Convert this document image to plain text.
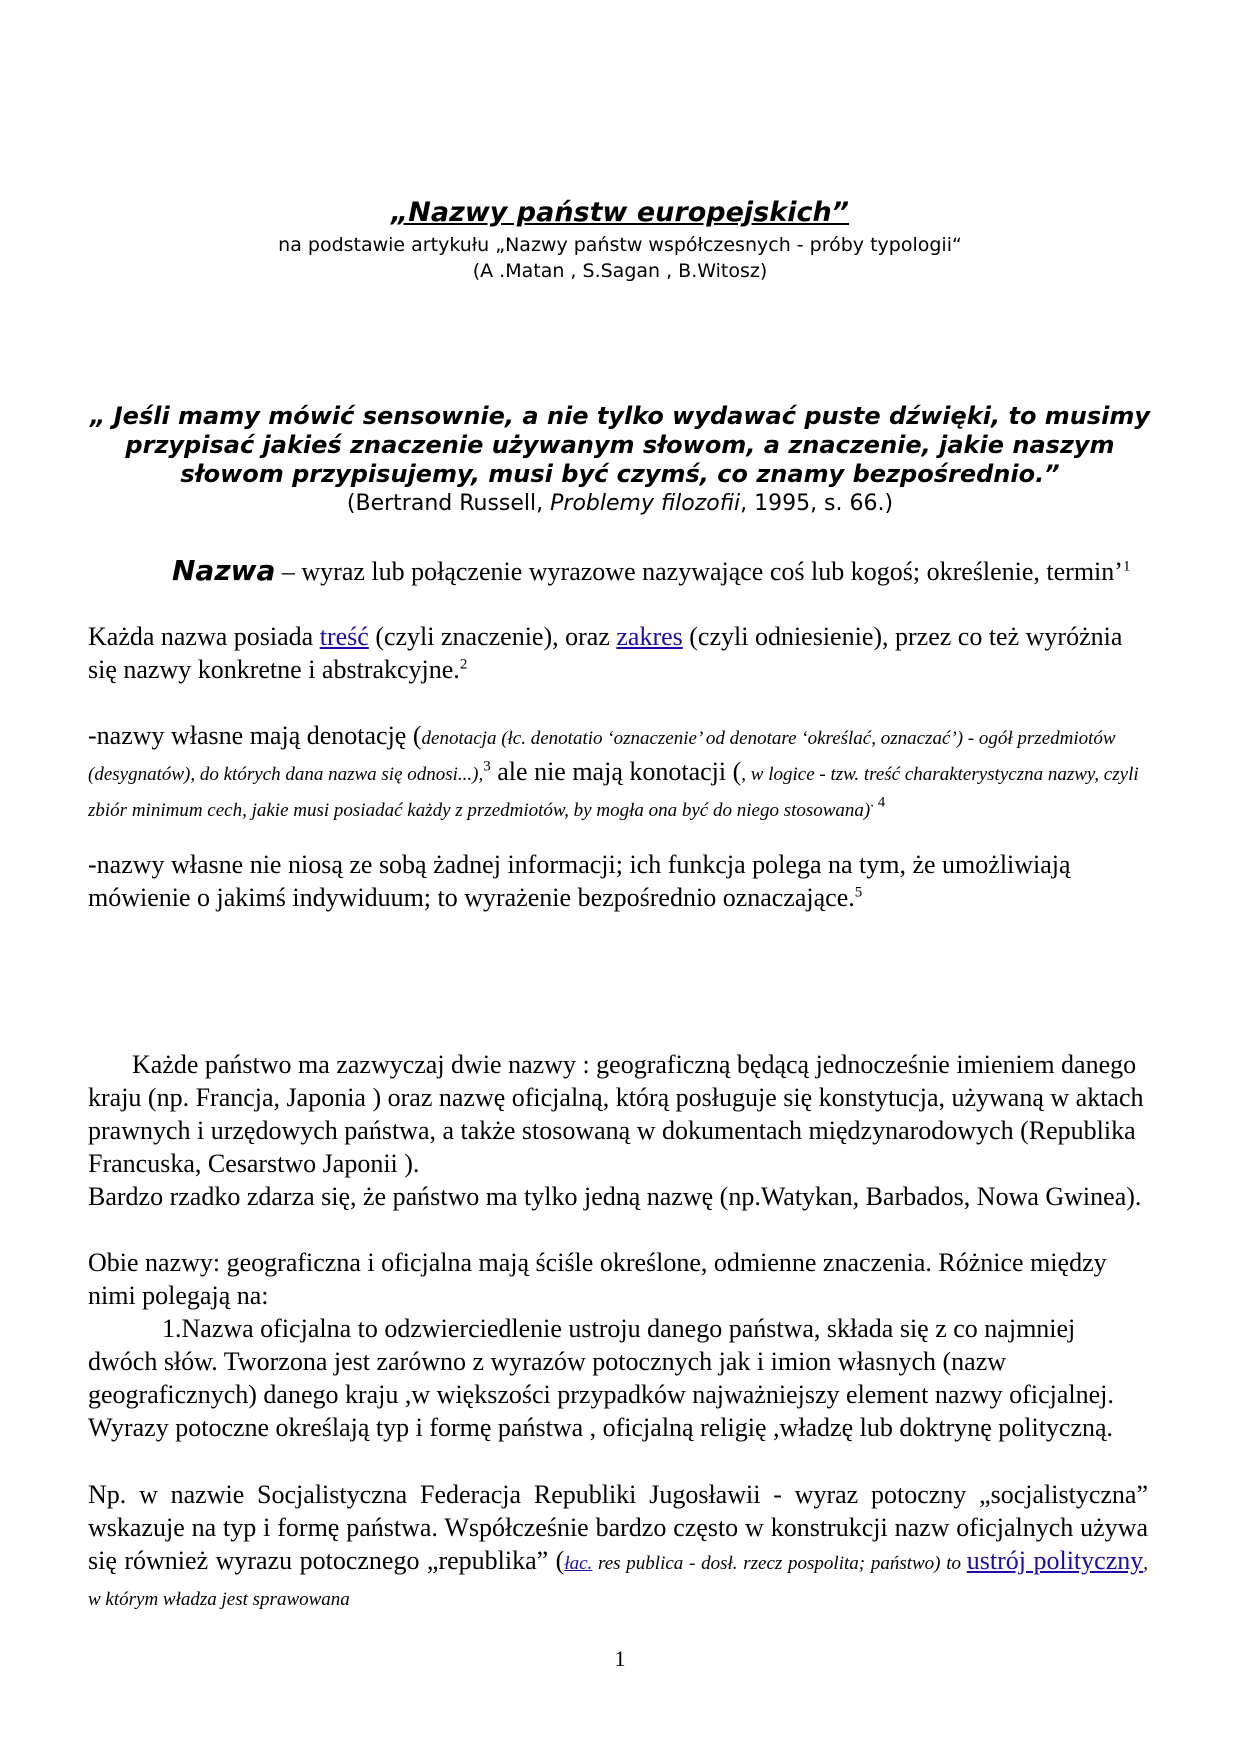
„Nazwy państw europejskich”
na podstawie artykułu „Nazwy państw współczesnych - próby typologii“
(A .Matan , S.Sagan , B.Witosz)
„ Jeśli mamy mówić sensownie, a nie tylko wydawać puste dźwięki, to musimy przypisać jakieś znaczenie używanym słowom, a znaczenie, jakie naszym słowom przypisujemy, musi być czymś, co znamy bezpośrednio.”
(Bertrand Russell, Problemy filozofii, 1995, s. 66.)
Nazwa – wyraz lub połączenie wyrazowe nazywające coś lub kogoś; określenie, termin’$^1$
Każda nazwa posiada treść (czyli znaczenie), oraz zakres (czyli odniesienie), przez co też wyróżnia się nazwy konkretne i abstrakcyjne.$^2$
-nazwy własne mają denotację (denotacja (łc. denotatio ‘oznaczenie’ od denotare ‘określać, oznaczać’) - ogół przedmiotów (desygnatów), do których dana nazwa się odnosi...),$^3$ ale nie mają konotacji (, w logice - tzw. treść charakterystyczna nazwy, czyli zbiór minimum cech, jakie musi posiadać każdy z przedmiotów, by mogła ona być do niego stosowana)$^{. 4}$
-nazwy własne nie niosą ze sobą żadnej informacji; ich funkcja polega na tym, że umożliwiają mówienie o jakimś indywiduum; to wyrażenie bezpośrednio oznaczające.$^5$
Każde państwo ma zazwyczaj dwie nazwy : geograficzną będącą jednocześnie imieniem danego kraju (np. Francja, Japonia ) oraz nazwę oficjalną, którą posługuje się konstytucja, używaną w aktach prawnych i urzędowych państwa, a także stosowaną w dokumentach międzynarodowych (Republika Francuska, Cesarstwo Japonii ).
Bardzo rzadko zdarza się, że państwo ma tylko jedną nazwę (np.Watykan, Barbados, Nowa Gwinea).
Obie nazwy: geograficzna i oficjalna mają ściśle określone, odmienne znaczenia. Różnice między nimi polegają na:
1.Nazwa oficjalna to odzwierciedlenie ustroju danego państwa, składa się z co najmniej dwóch słów. Tworzona jest zarówno z wyrazów potocznych jak i imion własnych (nazw geograficznych) danego kraju ,w większości przypadków najważniejszy element nazwy oficjalnej. Wyrazy potoczne określają typ i formę państwa , oficjalną religię ,władzę lub doktrynę polityczną.
Np. w nazwie Socjalistyczna Federacja Republiki Jugosławii - wyraz potoczny „socjalistyczna” wskazuje na typ i formę państwa. Współcześnie bardzo często w konstrukcji nazw oficjalnych używa się również wyrazu potocznego „republika” (łac. res publica - dosł. rzecz pospolita; państwo) to ustrój polityczny, w którym władza jest sprawowana
1
